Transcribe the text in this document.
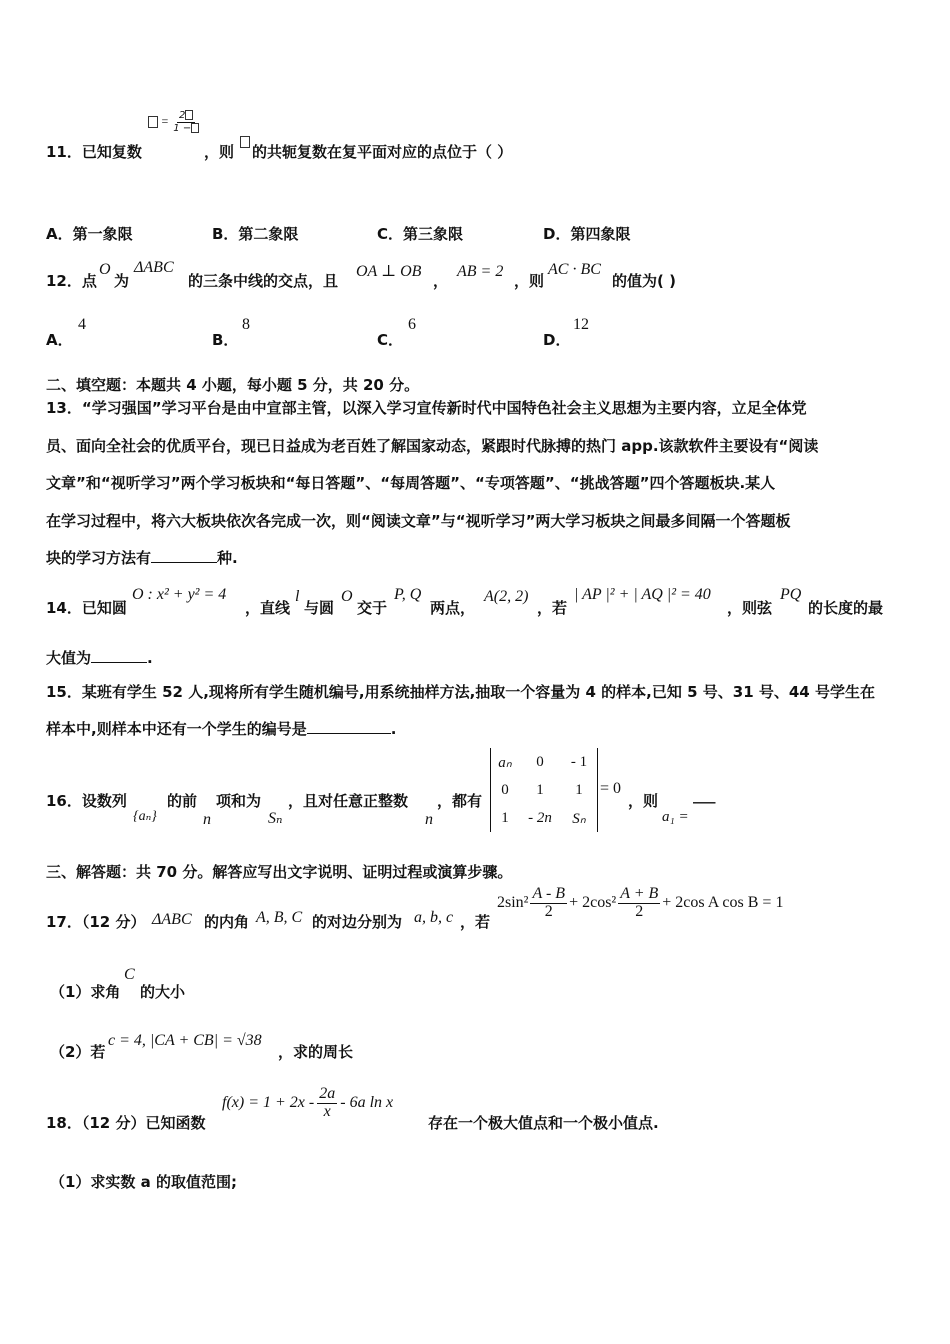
= $\frac{2}{1 -}$
11．已知复数	，则 的共轭复数在复平面对应的点位于（ ）
A．第一象限	B．第二象限	C．第三象限	D．第四象限
12．点
O
为
ΔABC
的三条中线的交点，且
OA ⊥ OB
，
AB = 2
，则
AC · BC
的值为( )
A．
4
B．
8
C．
6
D．
12
二、填空题：本题共 4 小题，每小题 5 分，共 20 分。
13．“学习强国”学习平台是由中宣部主管，以深入学习宣传新时代中国特色社会主义思想为主要内容，立足全体党
员、面向全社会的优质平台，现已日益成为老百姓了解国家动态，紧跟时代脉搏的热门 app.该款软件主要设有“阅读
文章”和“视听学习”两个学习板块和“每日答题”、“每周答题”、“专项答题”、“挑战答题”四个答题板块.某人
在学习过程中，将六大板块依次各完成一次，则“阅读文章”与“视听学习”两大学习板块之间最多间隔一个答题板
块的学习方法有	种.
14．已知圆
O : x² + y² = 4
，直线
l
与圆
O
交于
P, Q
两点，
A(2, 2)
，若
| AP |² + | AQ |² = 40
，则弦
PQ
的长度的最
大值为	.
15．某班有学生 52 人,现将所有学生随机编号,用系统抽样方法,抽取一个容量为 4 的样本,已知 5 号、31 号、44 号学生在
样本中,则样本中还有一个学生的编号是	.
16．设数列
{aₙ}
的前
n
项和为
Sₙ
，且对任意正整数
n
，都有
aₙ	0	- 1
0	1	1
1	- 2n	Sₙ
= 0
，则
a₁ =
___
三、解答题：共 70 分。解答应写出文字说明、证明过程或演算步骤。
17．（12 分） ΔABC 的内角 A, B, C 的对边分别为 a, b, c ，若
$2\sin^2 \frac{A - B}{2} + 2\cos^2 \frac{A + B}{2} + 2\cos$ A cos B = 1
（1）求角
C
的大小
（2）若
c = 4, |CA + CB| = √38
，求的周长
18．（12 分）已知函数
$f(x) = 1 + 2x - \frac{2a}{x} - 6a$ ln x
存在一个极大值点和一个极小值点.
（1）求实数 a 的取值范围;
